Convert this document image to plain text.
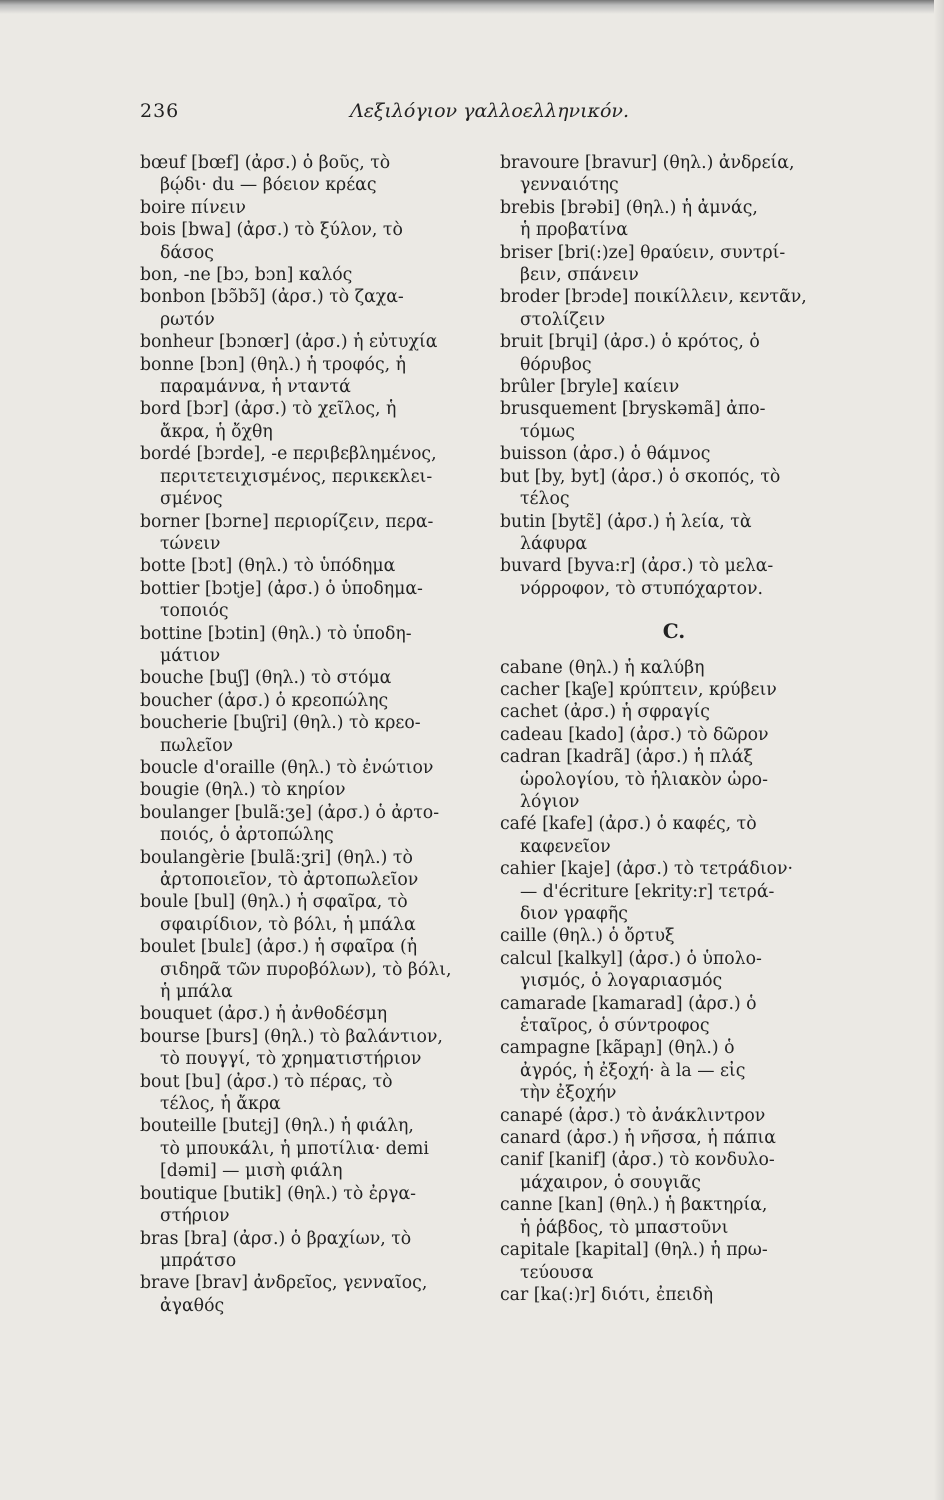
236	Λεξιλόγιον γαλλοελληνικόν.
bœuf [bœf] (ἀρσ.) ὁ βοῦς, τὸ
βῴδι· du — βόειον κρέας
boire πίνειν
bois [bwa] (ἀρσ.) τὸ ξύλον, τὸ
δάσος
bon, -ne [bɔ, bɔn] καλός
bonbon [bɔ̃bɔ̃] (ἀρσ.) τὸ ζαχα-
ρωτόν
bonheur [bɔnœr] (ἀρσ.) ἡ εὐτυχία
bonne [bɔn] (θηλ.) ἡ τροφός, ἡ
παραμάννα, ἡ νταντά
bord [bɔr] (ἀρσ.) τὸ χεῖλος, ἡ
ἄκρα, ἡ ὄχθη
bordé [bɔrde], -e περιβεβλημένος,
περιτετειχισμένος, περικεκλει-
σμένος
borner [bɔrne] περιορίζειν, περα-
τώνειν
botte [bɔt] (θηλ.) τὸ ὑπόδημα
bottier [bɔtje] (ἀρσ.) ὁ ὑποδημα-
τοποιός
bottine [bɔtin] (θηλ.) τὸ ὑποδη-
μάτιον
bouche [buʃ] (θηλ.) τὸ στόμα
boucher (ἀρσ.) ὁ κρεοπώλης
boucherie [buʃri] (θηλ.) τὸ κρεο-
πωλεῖον
boucle d'oraille (θηλ.) τὸ ἐνώτιον
bougie (θηλ.) τὸ κηρίον
boulanger [bulã:ʒe] (ἀρσ.) ὁ ἀρτο-
ποιός, ὁ ἀρτοπώλης
boulangèrie [bulã:ʒri] (θηλ.) τὸ
ἀρτοποιεῖον, τὸ ἀρτοπωλεῖον
boule [bul] (θηλ.) ἡ σφαῖρα, τὸ
σφαιρίδιον, τὸ βόλι, ἡ μπάλα
boulet [bulɛ] (ἀρσ.) ἡ σφαῖρα (ἡ
σιδηρᾶ τῶν πυροβόλων), τὸ βόλι,
ἡ μπάλα
bouquet (ἀρσ.) ἡ ἀνθοδέσμη
bourse [burs] (θηλ.) τὸ βαλάντιον,
τὸ πουγγί, τὸ χρηματιστήριον
bout [bu] (ἀρσ.) τὸ πέρας, τὸ
τέλος, ἡ ἄκρα
bouteille [butɛj] (θηλ.) ἡ φιάλη,
τὸ μπουκάλι, ἡ μποτίλια· demi
[dəmi] — μισὴ φιάλη
boutique [butik] (θηλ.) τὸ ἐργα-
στήριον
bras [bra] (ἀρσ.) ὁ βραχίων, τὸ
μπράτσο
brave [brav] ἀνδρεῖος, γενναῖος,
ἀγαθός
bravoure [bravur] (θηλ.) ἀνδρεία,
γενναιότης
brebis [brəbi] (θηλ.) ἡ ἀμνάς,
ἡ προβατίνα
briser [bri(:)ze] θραύειν, συντρί-
βειν, σπάνειν
broder [brɔde] ποικίλλειν, κεντᾶν,
στολίζειν
bruit [brɥi] (ἀρσ.) ὁ κρότος, ὁ
θόρυβος
brûler [bryle] καίειν
brusquement [bryskəmã] ἀπο-
τόμως
buisson (ἀρσ.) ὁ θάμνος
but [by, byt] (ἀρσ.) ὁ σκοπός, τὸ
τέλος
butin [bytɛ̃] (ἀρσ.) ἡ λεία, τὰ
λάφυρα
buvard [byva:r] (ἀρσ.) τὸ μελα-
νόρροφον, τὸ στυπόχαρτον.
C.
cabane (θηλ.) ἡ καλύβη
cacher [kaʃe] κρύπτειν, κρύβειν
cachet (ἀρσ.) ἡ σφραγίς
cadeau [kado] (ἀρσ.) τὸ δῶρον
cadran [kadrã] (ἀρσ.) ἡ πλάξ
ὡρολογίου, τὸ ἡλιακὸν ὡρο-
λόγιον
café [kafe] (ἀρσ.) ὁ καφές, τὸ
καφενεῖον
cahier [kaje] (ἀρσ.) τὸ τετράδιον·
— d'écriture [ekrity:r] τετρά-
διον γραφῆς
caille (θηλ.) ὁ ὄρτυξ
calcul [kalkyl] (ἀρσ.) ὁ ὑπολο-
γισμός, ὁ λογαριασμός
camarade [kamarad] (ἀρσ.) ὁ
ἑταῖρος, ὁ σύντροφος
campagne [kãpaɲ] (θηλ.) ὁ
ἀγρός, ἡ ἐξοχή· à la — εἰς
τὴν ἐξοχήν
canapé (ἀρσ.) τὸ ἀνάκλιντρον
canard (ἀρσ.) ἡ νῆσσα, ἡ πάπια
canif [kanif] (ἀρσ.) τὸ κονδυλο-
μάχαιρον, ὁ σουγιᾶς
canne [kan] (θηλ.) ἡ βακτηρία,
ἡ ῥάβδος, τὸ μπαστοῦνι
capitale [kapital] (θηλ.) ἡ πρω-
τεύουσα
car [ka(:)r] διότι, ἐπειδὴ
